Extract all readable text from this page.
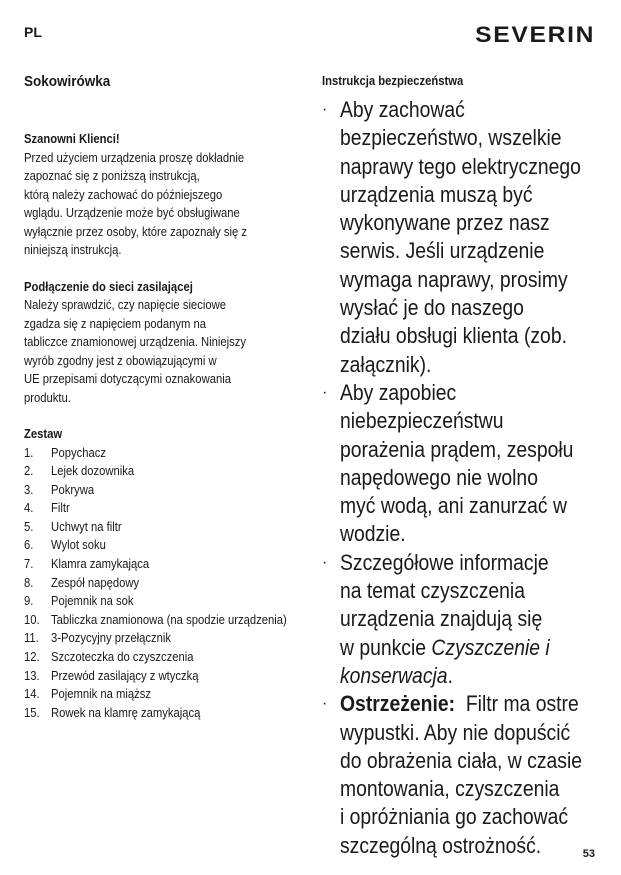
PL	SEVERIN
Sokowirówka
Szanowni Klienci!
Przed użyciem urządzenia proszę dokładnie
zapoznać się z poniższą instrukcją,
którą należy zachować do późniejszego
wglądu. Urządzenie może być obsługiwane
wyłącznie przez osoby, które zapoznały się z
niniejszą instrukcją.
Podłączenie do sieci zasilającej
Należy sprawdzić, czy napięcie sieciowe
zgadza się z napięciem podanym na
tabliczce znamionowej urządzenia. Niniejszy
wyrób zgodny jest z obowiązującymi w
UE przepisami dotyczącymi oznakowania
produktu.
Zestaw
1.	Popychacz
2.	Lejek dozownika
3.	Pokrywa
4.	Filtr
5.	Uchwyt na filtr
6.	Wylot soku
7.	Klamra zamykająca
8.	Zespół napędowy
9.	Pojemnik na sok
10. Tabliczka znamionowa (na spodzie urządzenia)
11. 3-Pozycyjny przełącznik
12. Szczoteczka do czyszczenia
13. Przewód zasilający z wtyczką
14. Pojemnik na miąższ
15. Rowek na klamrę zamykającą
Instrukcja bezpieczeństwa
· Aby zachować
bezpieczeństwo, wszelkie
naprawy tego elektrycznego
urządzenia muszą być
wykonywane przez nasz
serwis. Jeśli urządzenie
wymaga naprawy, prosimy
wysłać je do naszego
działu obsługi klienta (zob.
załącznik).
· Aby zapobiec
niebezpieczeństwu
porażenia prądem, zespołu
napędowego nie wolno
myć wodą, ani zanurzać w
wodzie.
· Szczegółowe informacje
na temat czyszczenia
urządzenia znajdują się
w punkcie Czyszczenie i
konserwacja.
· Ostrzeżenie: Filtr ma ostre
wypustki. Aby nie dopuścić
do obrażenia ciała, w czasie
montowania, czyszczenia
i opróżniania go zachować
szczególną ostrożność.	53
